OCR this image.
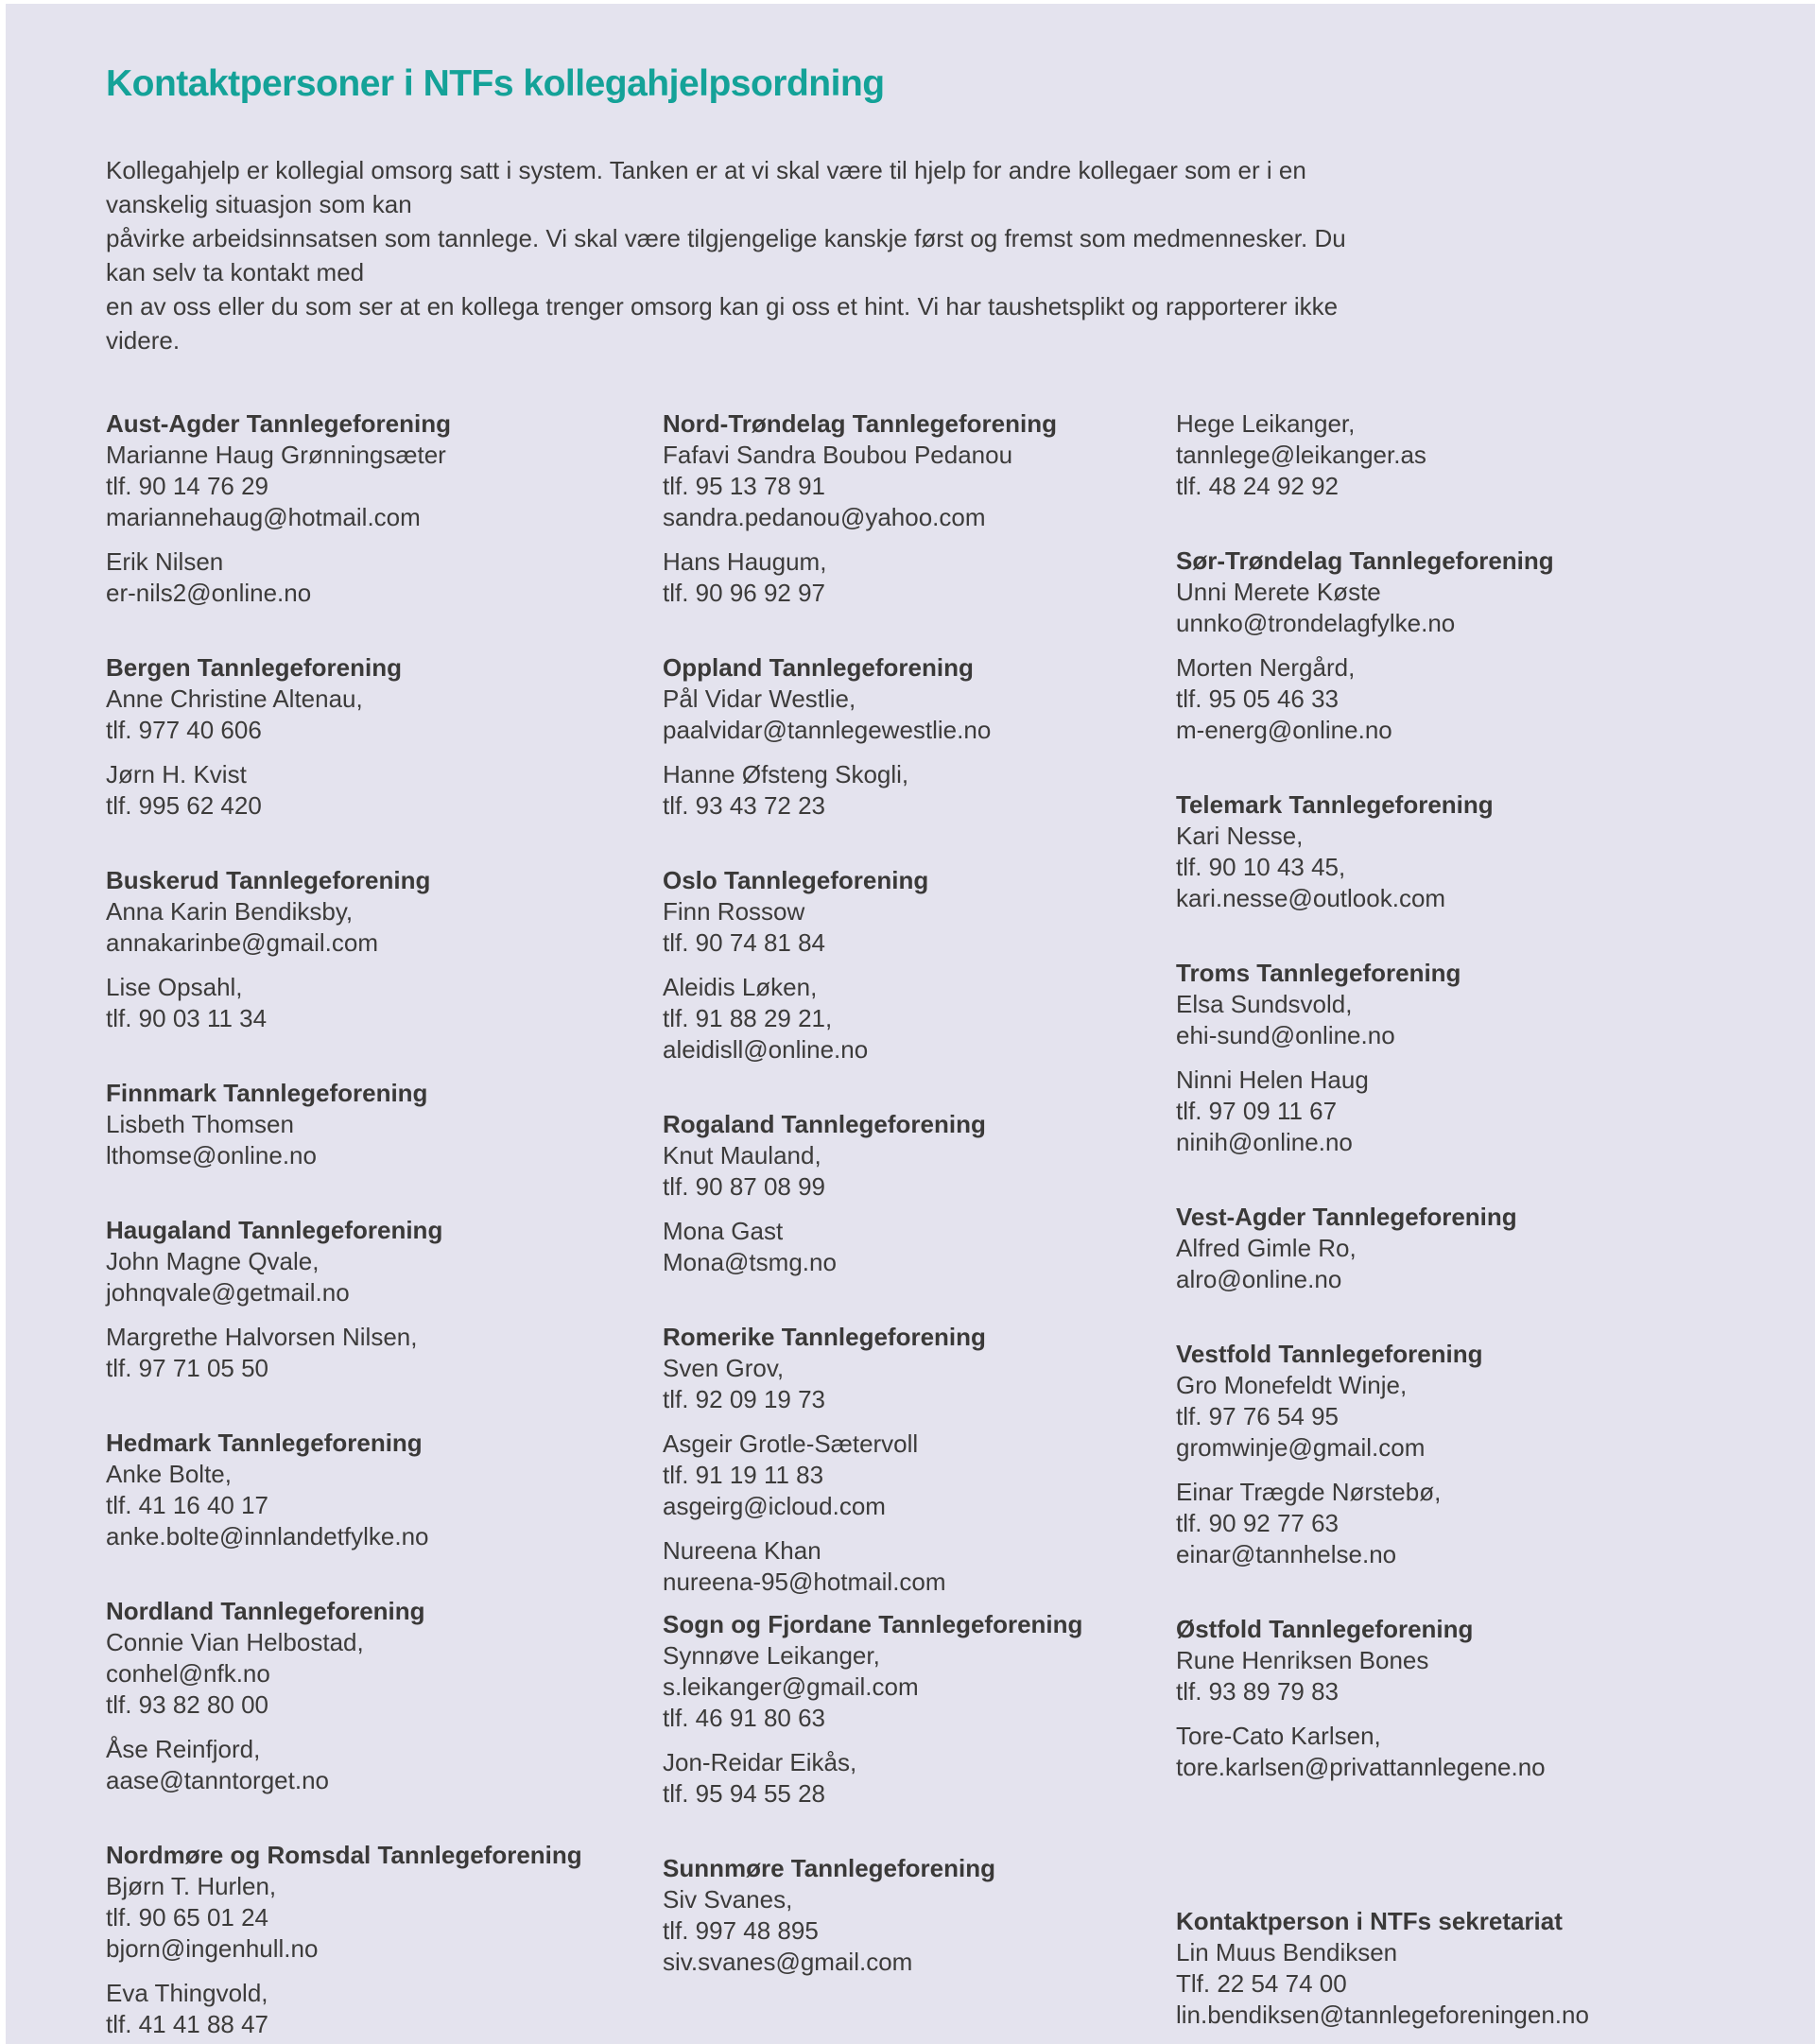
Kontaktpersoner i NTFs kollegahjelpsordning

Kollegahjelp er kollegial omsorg satt i system. Tanken er at vi skal være til hjelp for andre kollegaer som er i en vanskelig situasjon som kan
påvirke arbeidsinnsatsen som tannlege. Vi skal være tilgjengelige kanskje først og fremst som medmennesker. Du kan selv ta kontakt med
en av oss eller du som ser at en kollega trenger omsorg kan gi oss et hint. Vi har taushetsplikt og rapporterer ikke videre.

Aust-Agder Tannlegeforening
Marianne Haug Grønningsæter
tlf. 90 14 76 29
mariannehaug@hotmail.com
Erik Nilsen
er-nils2@online.no
Bergen Tannlegeforening
Anne Christine Altenau,
tlf. 977 40 606
Jørn H. Kvist
tlf. 995 62 420
Buskerud Tannlegeforening
Anna Karin Bendiksby,
annakarinbe@gmail.com
Lise Opsahl,
tlf. 90 03 11 34
Finnmark Tannlegeforening
Lisbeth Thomsen
lthomse@online.no
Haugaland Tannlegeforening
John Magne Qvale,
johnqvale@getmail.no
Margrethe Halvorsen Nilsen,
tlf. 97 71 05 50
Hedmark Tannlegeforening
Anke Bolte,
tlf. 41 16 40 17
anke.bolte@innlandetfylke.no
Nordland Tannlegeforening
Connie Vian Helbostad,
conhel@nfk.no
tlf. 93 82 80 00
Åse Reinfjord,
aase@tanntorget.no
Nordmøre og Romsdal Tannlegeforening
Bjørn T. Hurlen,
tlf. 90 65 01 24
bjorn@ingenhull.no
Eva Thingvold,
tlf. 41 41 88 47
Nord-Trøndelag Tannlegeforening
Fafavi Sandra Boubou Pedanou
tlf. 95 13 78 91
sandra.pedanou@yahoo.com
Hans Haugum,
tlf. 90 96 92 97
Oppland Tannlegeforening
Pål Vidar Westlie,
paalvidar@tannlegewestlie.no
Hanne Øfsteng Skogli,
tlf. 93 43 72 23
Oslo Tannlegeforening
Finn Rossow
tlf. 90 74 81 84
Aleidis Løken,
tlf. 91 88 29 21,
aleidisll@online.no
Rogaland Tannlegeforening
Knut Mauland,
tlf. 90 87 08 99
Mona Gast
Mona@tsmg.no
Romerike Tannlegeforening
Sven Grov,
tlf. 92 09 19 73
Asgeir Grotle-Sætervoll
tlf. 91 19 11 83
asgeirg@icloud.com
Nureena Khan
nureena-95@hotmail.com
Sogn og Fjordane Tannlegeforening
Synnøve Leikanger,
s.leikanger@gmail.com
tlf. 46 91 80 63
Jon-Reidar Eikås,
tlf. 95 94 55 28
Sunnmøre Tannlegeforening
Siv Svanes,
tlf. 997 48 895
siv.svanes@gmail.com
Hege Leikanger,
tannlege@leikanger.as
tlf. 48 24 92 92
Sør-Trøndelag Tannlegeforening
Unni Merete Køste
unnko@trondelagfylke.no
Morten Nergård,
tlf. 95 05 46 33
m-energ@online.no
Telemark Tannlegeforening
Kari Nesse,
tlf. 90 10 43 45,
kari.nesse@outlook.com
Troms Tannlegeforening
Elsa Sundsvold,
ehi-sund@online.no
Ninni Helen Haug
tlf. 97 09 11 67
ninih@online.no
Vest-Agder Tannlegeforening
Alfred Gimle Ro,
alro@online.no
Vestfold Tannlegeforening
Gro Monefeldt Winje,
tlf. 97 76 54 95
gromwinje@gmail.com
Einar Trægde Nørstebø,
tlf. 90 92 77 63
einar@tannhelse.no
Østfold Tannlegeforening
Rune Henriksen Bones
tlf. 93 89 79 83
Tore-Cato Karlsen,
tore.karlsen@privattannlegene.no
Kontaktperson i NTFs sekretariat
Lin Muus Bendiksen
Tlf. 22 54 74 00
lin.bendiksen@tannlegeforeningen.no
